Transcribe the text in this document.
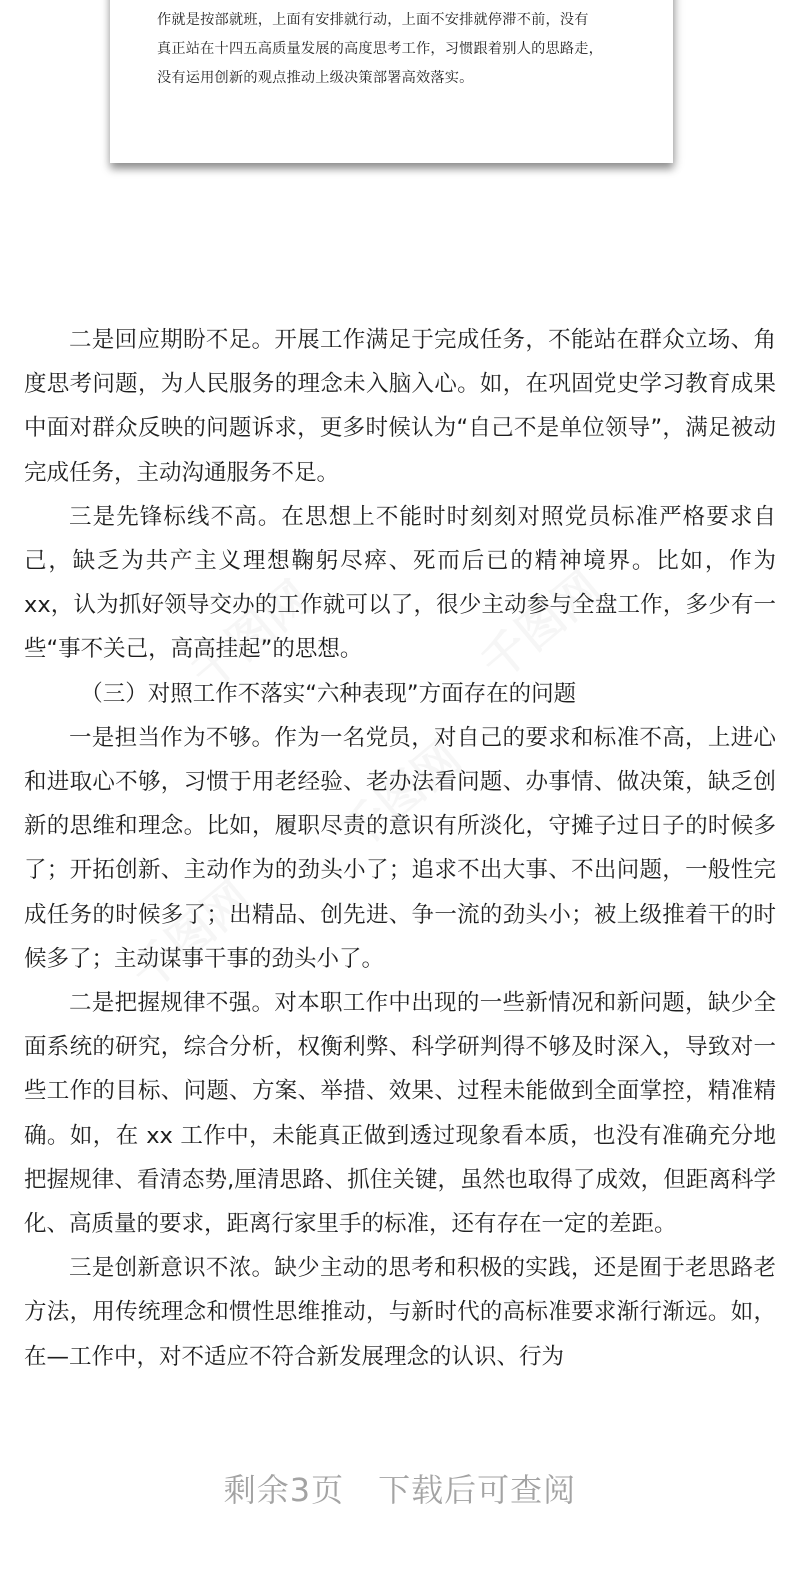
作就是按部就班，上面有安排就行动，上面不安排就停滞不前，没有

真正站在十四五高质量发展的高度思考工作，习惯跟着别人的思路走，

没有运用创新的观点推动上级决策部署高效落实。

二是回应期盼不足。开展工作满足于完成任务，不能站在群众立场、角度思考问题，为人民服务的理念未入脑入心。如，在巩固党史学习教育成果中面对群众反映的问题诉求，更多时候认为“自己不是单位领导”，满足被动完成任务，主动沟通服务不足。

三是先锋标线不高。在思想上不能时时刻刻对照党员标准严格要求自己，缺乏为共产主义理想鞠躬尽瘁、死而后已的精神境界。比如，作为 xx，认为抓好领导交办的工作就可以了，很少主动参与全盘工作，多少有一些“事不关己，高高挂起”的思想。

（三）对照工作不落实“六种表现”方面存在的问题

一是担当作为不够。作为一名党员，对自己的要求和标准不高，上进心和进取心不够，习惯于用老经验、老办法看问题、办事情、做决策，缺乏创新的思维和理念。比如，履职尽责的意识有所淡化，守摊子过日子的时候多了；开拓创新、主动作为的劲头小了；追求不出大事、不出问题，一般性完成任务的时候多了；出精品、创先进、争一流的劲头小；被上级推着干的时候多了；主动谋事干事的劲头小了。

二是把握规律不强。对本职工作中出现的一些新情况和新问题，缺少全面系统的研究，综合分析，权衡利弊、科学研判得不够及时深入，导致对一些工作的目标、问题、方案、举措、效果、过程未能做到全面掌控，精准精确。如，在 xx 工作中，未能真正做到透过现象看本质，也没有准确充分地把握规律、看清态势,厘清思路、抓住关键，虽然也取得了成效，但距离科学化、高质量的要求，距离行家里手的标准，还有存在一定的差距。

三是创新意识不浓。缺少主动的思考和积极的实践，还是囿于老思路老方法，用传统理念和惯性思维推动，与新时代的高标准要求渐行渐远。如，在—工作中，对不适应不符合新发展理念的认识、行为

剩余3页 下载后可查阅
